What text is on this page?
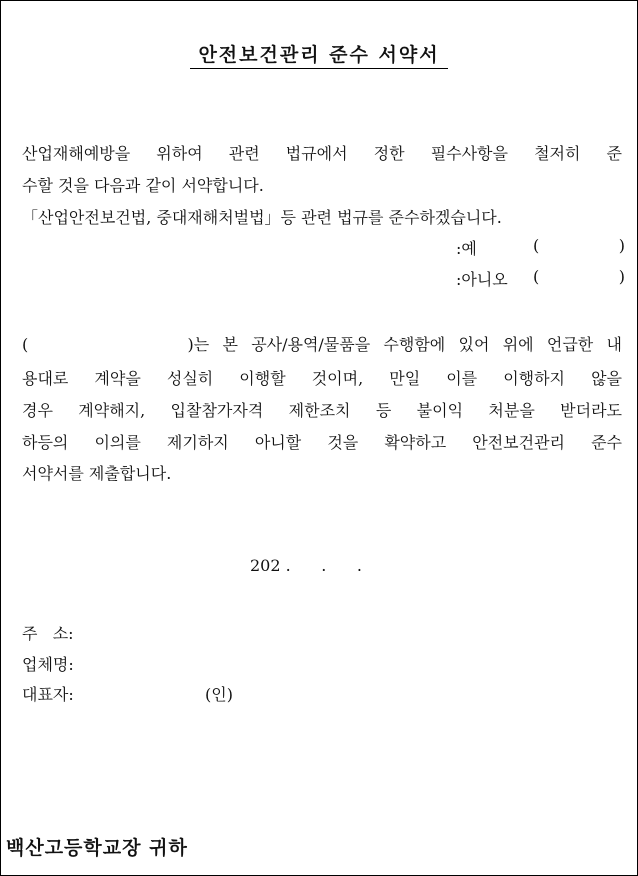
안전보건관리 준수 서약서
산업재해예방을 위하여 관련 법규에서 정한 필수사항을 철저히 준
수할 것을 다음과 같이 서약합니다.
「산업안전보건법, 중대재해처벌법」등 관련 법규를 준수하겠습니다.
:예	(	)
:아니오 (	)
(            )는 본 공사/용역/물품을 수행함에 있어 위에 언급한 내
용대로 계약을 성실히 이행할 것이며, 만일 이를 이행하지 않을
경우 계약해지, 입찰참가자격 제한조치 등 불이익 처분을 받더라도
하등의 이의를 제기하지 아니할 것을 확약하고 안전보건관리 준수
서약서를 제출합니다.
202 .      .      .
주   소:
업체명:
대표자:	(인)
백산고등학교장 귀하
